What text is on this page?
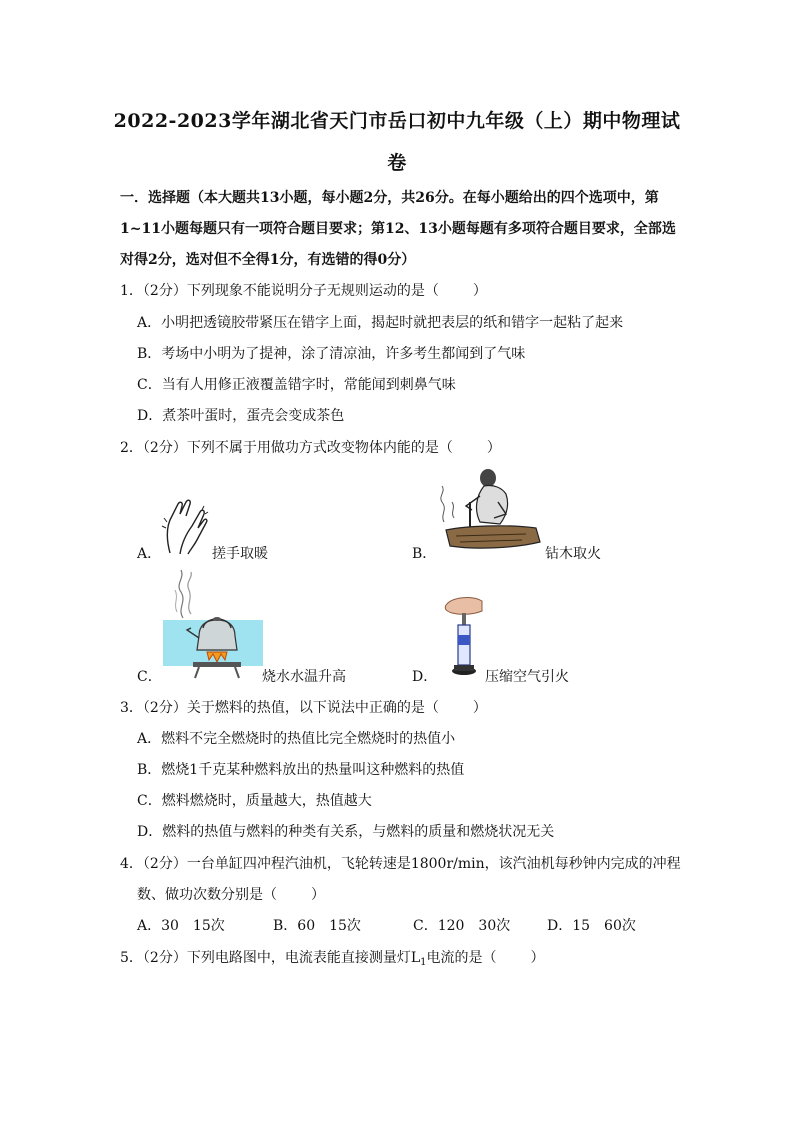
2022-2023学年湖北省天门市岳口初中九年级（上）期中物理试
卷
一．选择题（本大题共13小题，每小题2分，共26分。在每小题给出的四个选项中，第1~11小题每题只有一项符合题目要求；第12、13小题每题有多项符合题目要求，全部选对得2分，选对但不全得1分，有选错的得0分）
1．（2分）下列现象不能说明分子无规则运动的是（ ）
A．小明把透镜胶带紧压在错字上面，揭起时就把表层的纸和错字一起粘了起来
B．考场中小明为了提神，涂了清凉油，许多考生都闻到了气味
C．当有人用修正液覆盖错字时，常能闻到刺鼻气味
D．煮茶叶蛋时，蛋壳会变成茶色
2．（2分）下列不属于用做功方式改变物体内能的是（ ）
A．	搓手取暖	B．	钻木取火
C．	烧水水温升高	D．	压缩空气引火
3．（2分）关于燃料的热值，以下说法中正确的是（ ）
A．燃料不完全燃烧时的热值比完全燃烧时的热值小
B．燃烧1千克某种燃料放出的热量叫这种燃料的热值
C．燃料燃烧时，质量越大，热值越大
D．燃料的热值与燃料的种类有关系，与燃料的质量和燃烧状况无关
4．（2分）一台单缸四冲程汽油机，飞轮转速是1800r/min，该汽油机每秒钟内完成的冲程
数、做功次数分别是（ ）
A．30　15次	B．60　15次	C．120　30次	D．15　60次
5．（2分）下列电路图中，电流表能直接测量灯$L_1$电流的是（ ）
